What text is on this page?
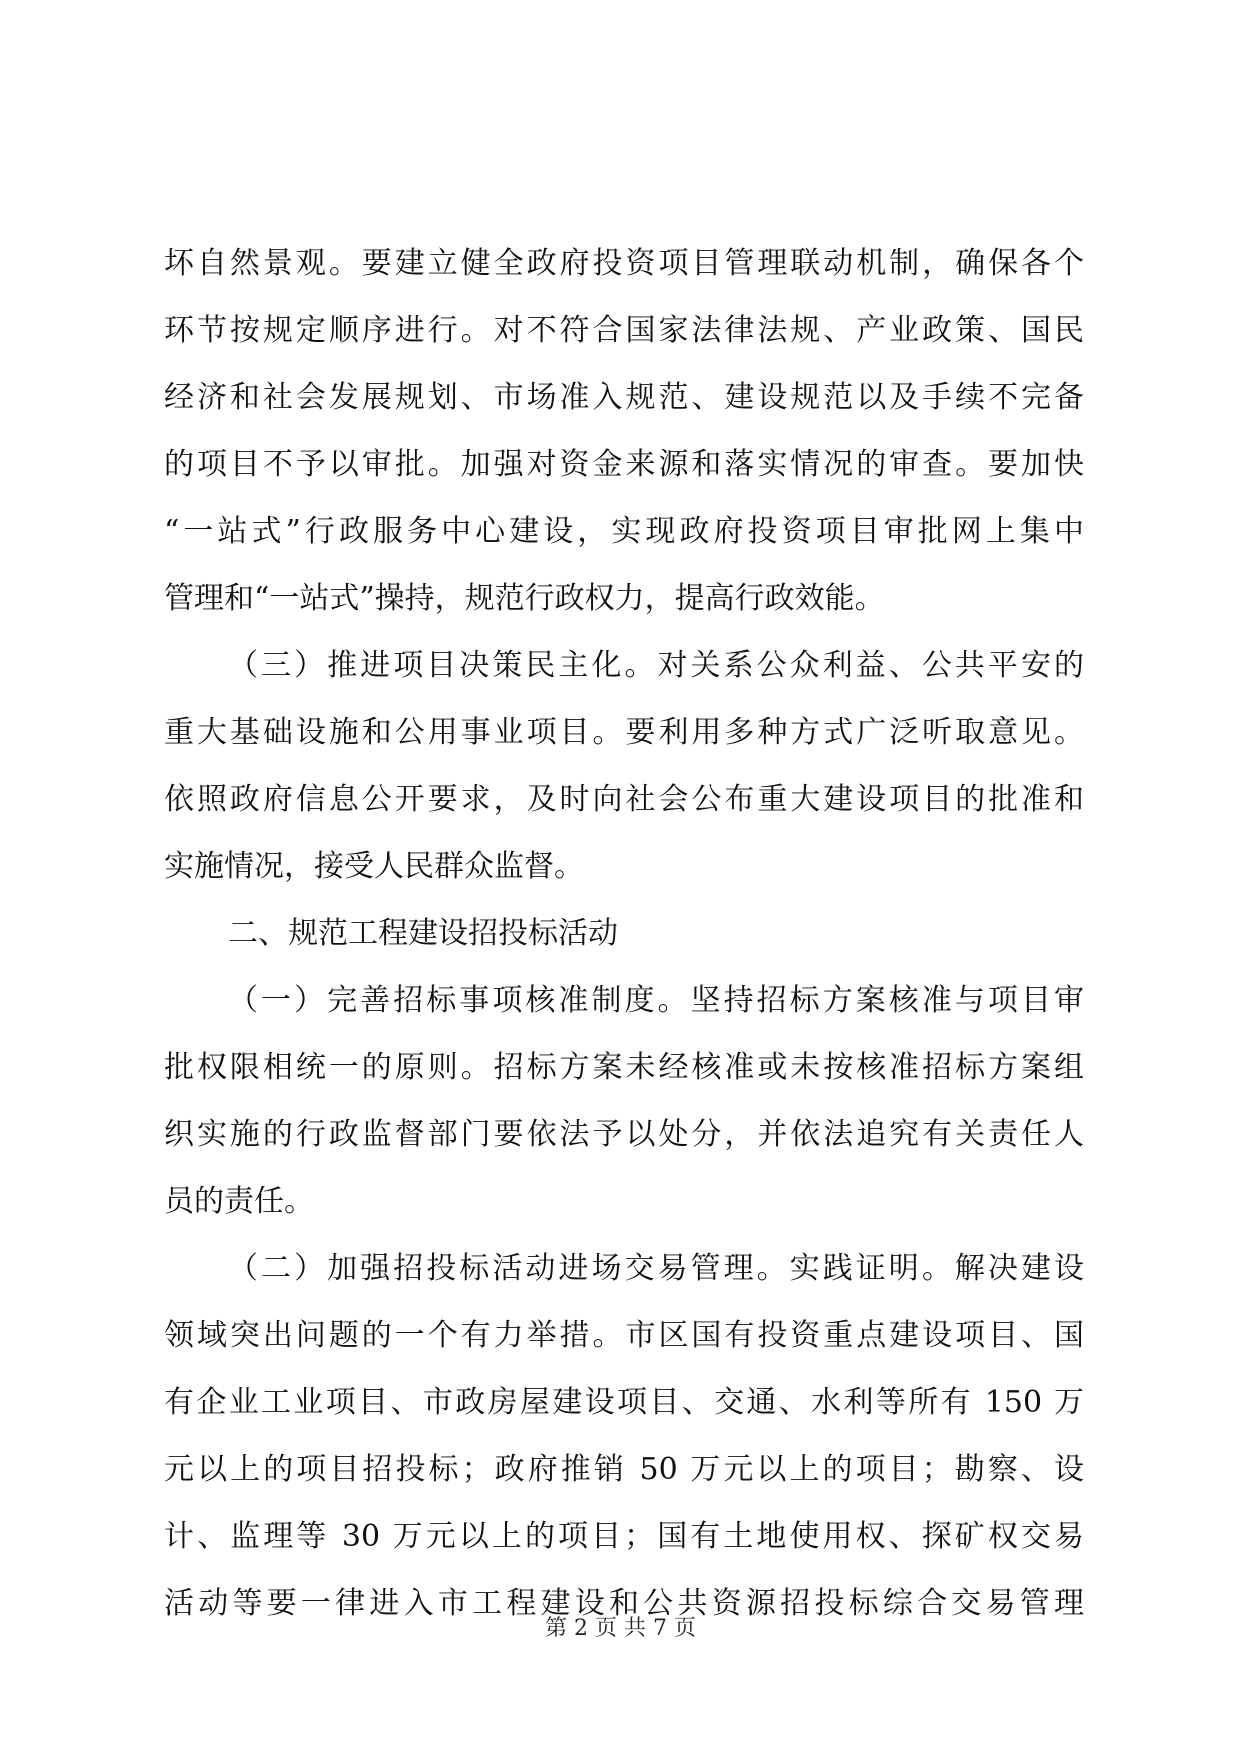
坏自然景观。要建立健全政府投资项目管理联动机制，确保各个
环节按规定顺序进行。对不符合国家法律法规、产业政策、国民
经济和社会发展规划、市场准入规范、建设规范以及手续不完备
的项目不予以审批。加强对资金来源和落实情况的审查。要加快
“一站式”行政服务中心建设，实现政府投资项目审批网上集中
管理和“一站式”操持，规范行政权力，提高行政效能。
（三）推进项目决策民主化。对关系公众利益、公共平安的
重大基础设施和公用事业项目。要利用多种方式广泛听取意见。
依照政府信息公开要求，及时向社会公布重大建设项目的批准和
实施情况，接受人民群众监督。
二、规范工程建设招投标活动
（一）完善招标事项核准制度。坚持招标方案核准与项目审
批权限相统一的原则。招标方案未经核准或未按核准招标方案组
织实施的行政监督部门要依法予以处分，并依法追究有关责任人
员的责任。
（二）加强招投标活动进场交易管理。实践证明。解决建设
领域突出问题的一个有力举措。市区国有投资重点建设项目、国
有企业工业项目、市政房屋建设项目、交通、水利等所有 150 万
元以上的项目招投标；政府推销 50 万元以上的项目；勘察、设
计、监理等 30 万元以上的项目；国有土地使用权、探矿权交易
活动等要一律进入市工程建设和公共资源招投标综合交易管理
第 2 页 共 7 页
